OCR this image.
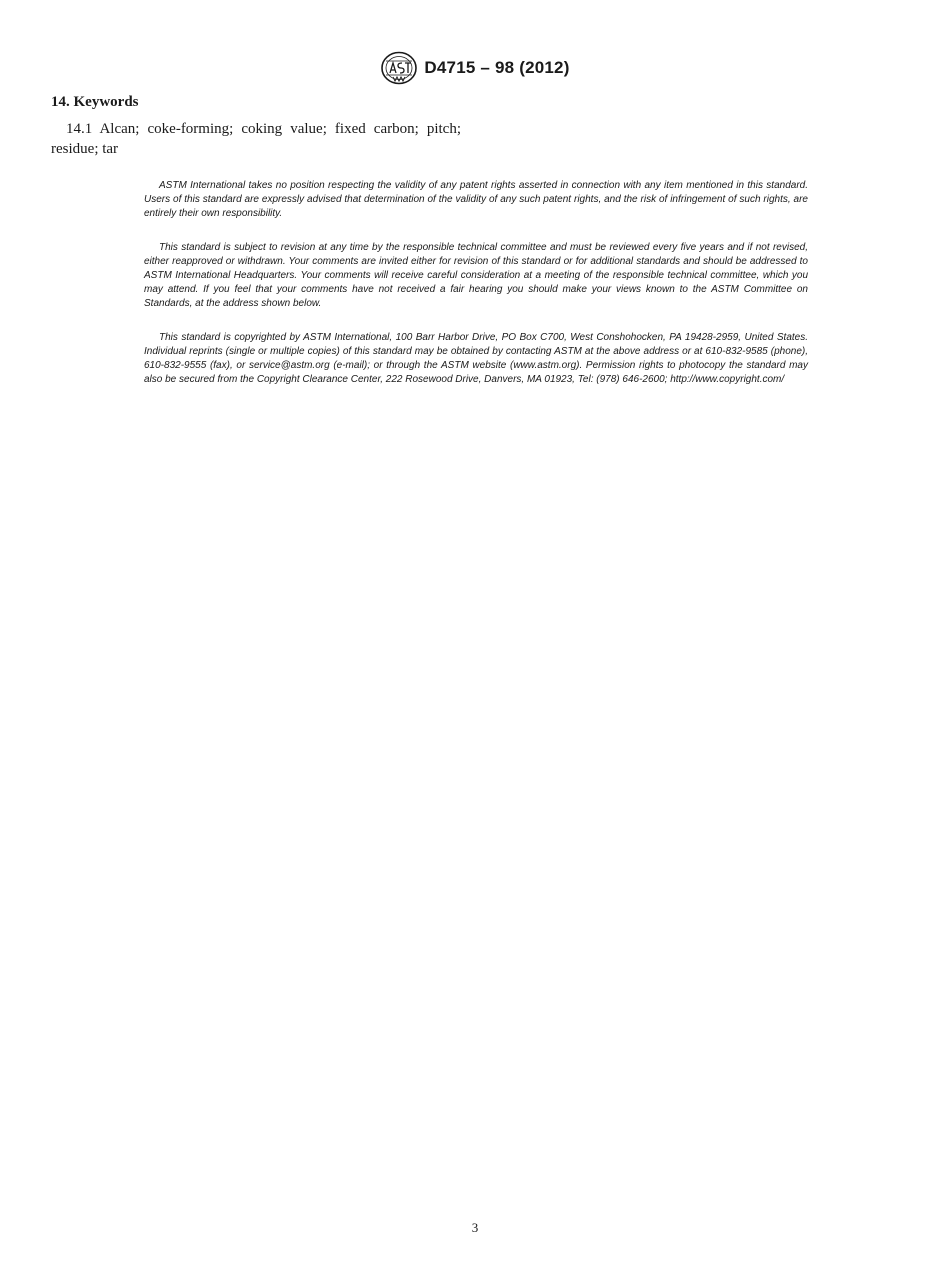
D4715 – 98 (2012)
14. Keywords

14.1 Alcan; coke-forming; coking value; fixed carbon; pitch; residue; tar

ASTM International takes no position respecting the validity of any patent rights asserted in connection with any item mentioned in this standard. Users of this standard are expressly advised that determination of the validity of any such patent rights, and the risk of infringement of such rights, are entirely their own responsibility.

This standard is subject to revision at any time by the responsible technical committee and must be reviewed every five years and if not revised, either reapproved or withdrawn. Your comments are invited either for revision of this standard or for additional standards and should be addressed to ASTM International Headquarters. Your comments will receive careful consideration at a meeting of the responsible technical committee, which you may attend. If you feel that your comments have not received a fair hearing you should make your views known to the ASTM Committee on Standards, at the address shown below.

This standard is copyrighted by ASTM International, 100 Barr Harbor Drive, PO Box C700, West Conshohocken, PA 19428-2959, United States. Individual reprints (single or multiple copies) of this standard may be obtained by contacting ASTM at the above address or at 610-832-9585 (phone), 610-832-9555 (fax), or service@astm.org (e-mail); or through the ASTM website (www.astm.org). Permission rights to photocopy the standard may also be secured from the Copyright Clearance Center, 222 Rosewood Drive, Danvers, MA 01923, Tel: (978) 646-2600; http://www.copyright.com/

3
